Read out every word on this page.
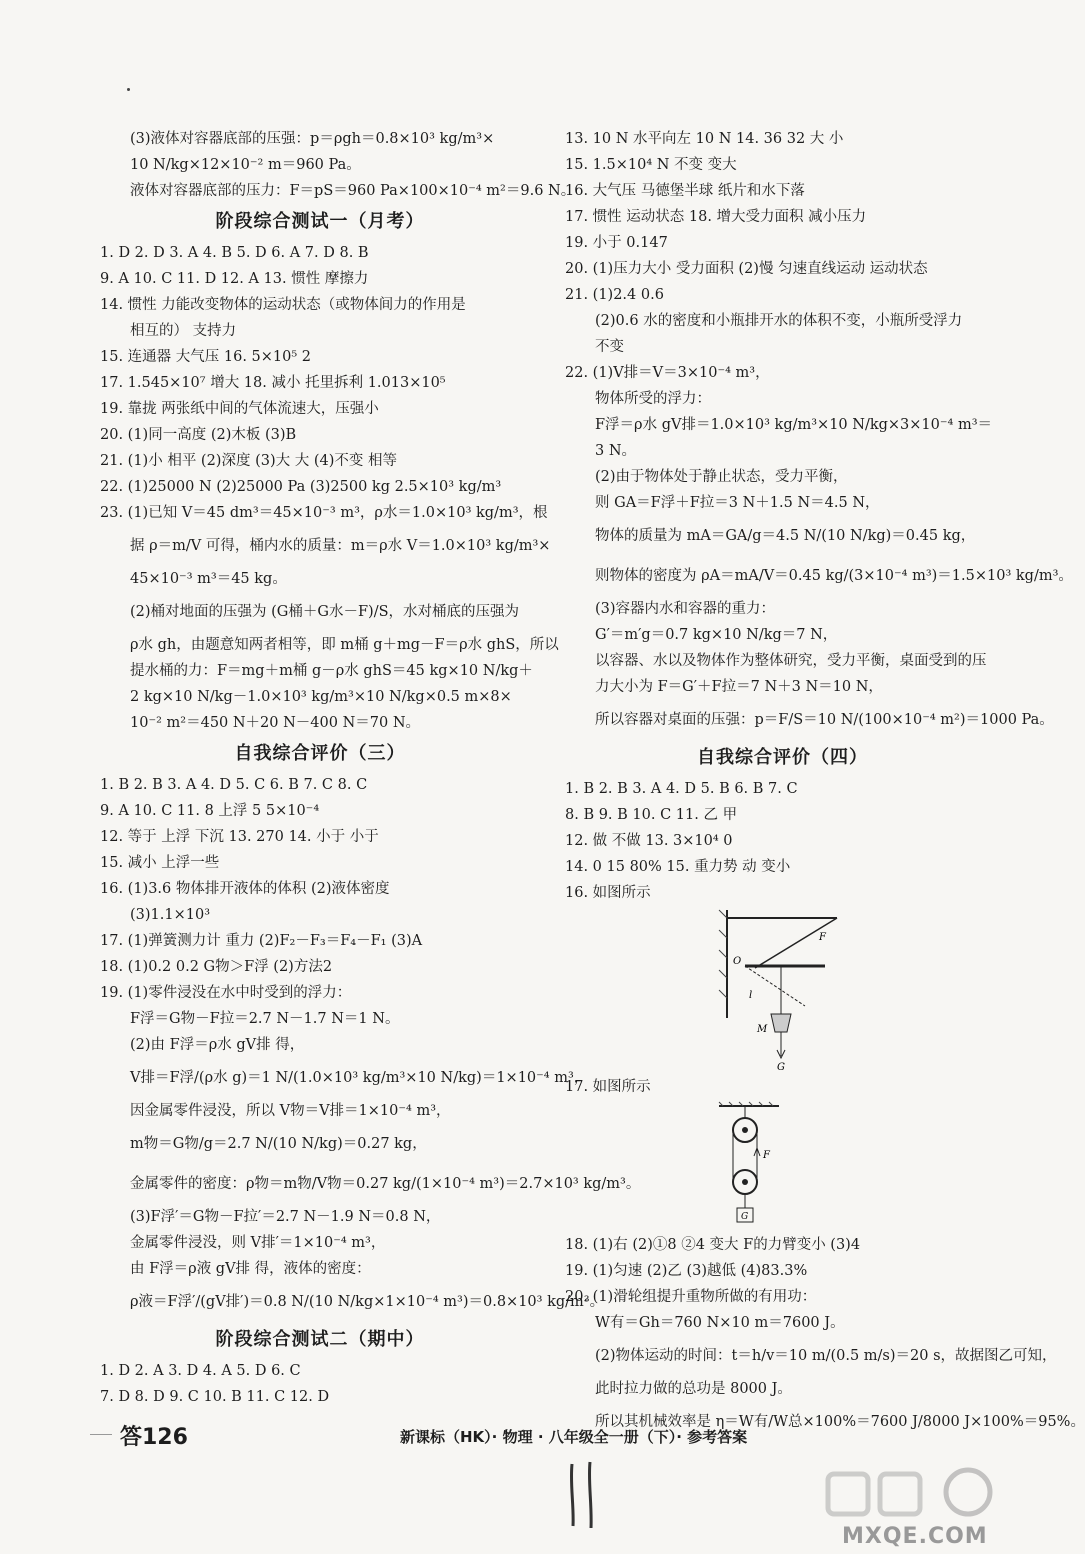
(3)液体对容器底部的压强：p＝ρgh＝0.8×10³ kg/m³×
10 N/kg×12×10⁻² m＝960 Pa。
液体对容器底部的压力：F＝pS＝960 Pa×100×10⁻⁴ m²＝9.6 N。
阶段综合测试一（月考）
1. D 2. D 3. A 4. B 5. D 6. A 7. D 8. B
9. A 10. C 11. D 12. A 13. 惯性 摩擦力
14. 惯性 力能改变物体的运动状态（或物体间力的作用是
相互的） 支持力
15. 连通器 大气压 16. 5×10⁵ 2
17. 1.545×10⁷ 增大 18. 减小 托里拆利 1.013×10⁵
19. 靠拢 两张纸中间的气体流速大，压强小
20. (1)同一高度 (2)木板 (3)B
21. (1)小 相平 (2)深度 (3)大 大 (4)不变 相等
22. (1)25000 N (2)25000 Pa (3)2500 kg 2.5×10³ kg/m³
23. (1)已知 V＝45 dm³＝45×10⁻³ m³，ρ水＝1.0×10³ kg/m³，根
据 ρ＝m/V 可得，桶内水的质量：m＝ρ水 V＝1.0×10³ kg/m³×
45×10⁻³ m³＝45 kg。
(2)桶对地面的压强为 (G桶＋G水－F)/S，水对桶底的压强为
ρ水 gh，由题意知两者相等，即 m桶 g＋mg－F＝ρ水 ghS，所以
提水桶的力：F＝mg＋m桶 g－ρ水 ghS＝45 kg×10 N/kg＋
2 kg×10 N/kg－1.0×10³ kg/m³×10 N/kg×0.5 m×8×
10⁻² m²＝450 N＋20 N－400 N＝70 N。
自我综合评价（三）
1. B 2. B 3. A 4. D 5. C 6. B 7. C 8. C
9. A 10. C 11. 8 上浮 5 5×10⁻⁴
12. 等于 上浮 下沉 13. 270 14. 小于 小于
15. 减小 上浮一些
16. (1)3.6 物体排开液体的体积 (2)液体密度
(3)1.1×10³
17. (1)弹簧测力计 重力 (2)F₂－F₃＝F₄－F₁ (3)A
18. (1)0.2 0.2 G物＞F浮 (2)方法2
19. (1)零件浸没在水中时受到的浮力：
F浮＝G物－F拉＝2.7 N－1.7 N＝1 N。
(2)由 F浮＝ρ水 gV排 得，
V排＝F浮/(ρ水 g)＝1 N/(1.0×10³ kg/m³×10 N/kg)＝1×10⁻⁴ m³，
因金属零件浸没，所以 V物＝V排＝1×10⁻⁴ m³，
m物＝G物/g＝2.7 N/(10 N/kg)＝0.27 kg，
金属零件的密度：ρ物＝m物/V物＝0.27 kg/(1×10⁻⁴ m³)＝2.7×10³ kg/m³。
(3)F浮′＝G物－F拉′＝2.7 N－1.9 N＝0.8 N，
金属零件浸没，则 V排′＝1×10⁻⁴ m³，
由 F浮＝ρ液 gV排 得，液体的密度：
ρ液＝F浮′/(gV排′)＝0.8 N/(10 N/kg×1×10⁻⁴ m³)＝0.8×10³ kg/m³。
阶段综合测试二（期中）
1. D 2. A 3. D 4. A 5. D 6. C
7. D 8. D 9. C 10. B 11. C 12. D
13. 10 N 水平向左 10 N 14. 36 32 大 小
15. 1.5×10⁴ N 不变 变大
16. 大气压 马德堡半球 纸片和水下落
17. 惯性 运动状态 18. 增大受力面积 减小压力
19. 小于 0.147
20. (1)压力大小 受力面积 (2)慢 匀速直线运动 运动状态
21. (1)2.4 0.6
(2)0.6 水的密度和小瓶排开水的体积不变，小瓶所受浮力
不变
22. (1)V排＝V＝3×10⁻⁴ m³，
物体所受的浮力：
F浮＝ρ水 gV排＝1.0×10³ kg/m³×10 N/kg×3×10⁻⁴ m³＝
3 N。
(2)由于物体处于静止状态，受力平衡，
则 GA＝F浮＋F拉＝3 N＋1.5 N＝4.5 N，
物体的质量为 mA＝GA/g＝4.5 N/(10 N/kg)＝0.45 kg，
则物体的密度为 ρA＝mA/V＝0.45 kg/(3×10⁻⁴ m³)＝1.5×10³ kg/m³。
(3)容器内水和容器的重力：
G′＝m′g＝0.7 kg×10 N/kg＝7 N，
以容器、水以及物体作为整体研究，受力平衡，桌面受到的压
力大小为 F＝G′＋F拉＝7 N＋3 N＝10 N，
所以容器对桌面的压强：p＝F/S＝10 N/(100×10⁻⁴ m²)＝1000 Pa。
自我综合评价（四）
1. B 2. B 3. A 4. D 5. B 6. B 7. C
8. B 9. B 10. C 11. 乙 甲
12. 做 不做 13. 3×10⁴ 0
14. 0 15 80% 15. 重力势 动 变小
16. 如图所示
F
O
l
M
G
17. 如图所示
F
G
18. (1)右 (2)①8 ②4 变大 F的力臂变小 (3)4
19. (1)匀速 (2)乙 (3)越低 (4)83.3%
20. (1)滑轮组提升重物所做的有用功：
W有＝Gh＝760 N×10 m＝7600 J。
(2)物体运动的时间：t＝h/v＝10 m/(0.5 m/s)＝20 s，故据图乙可知，
此时拉力做的总功是 8000 J。
所以其机械效率是 η＝W有/W总×100%＝7600 J/8000 J×100%＝95%。
答126	新课标（HK）· 物理 · 八年级全一册（下）· 参考答案
MXQE.COM
